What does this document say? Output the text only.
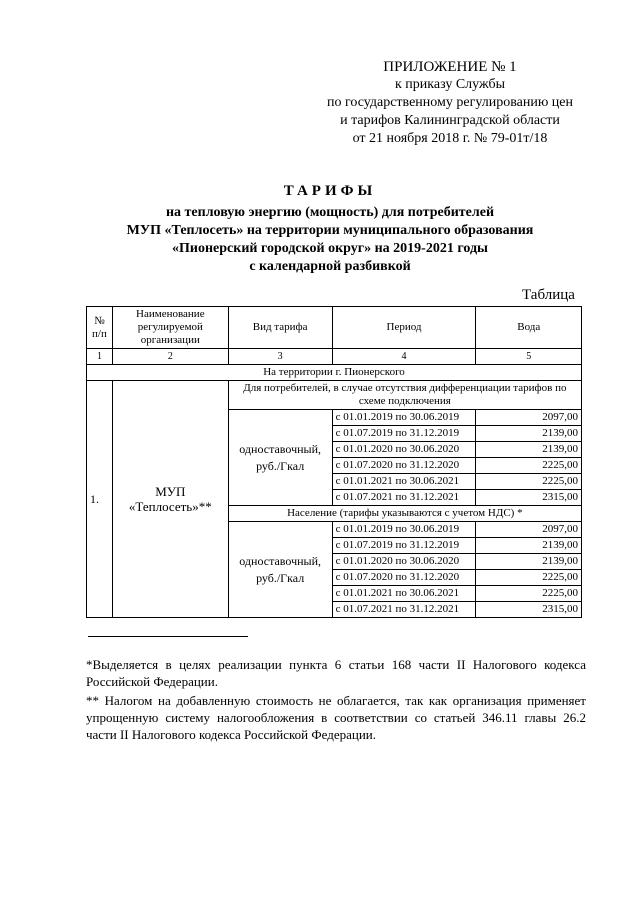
ПРИЛОЖЕНИЕ № 1
к приказу Службы
по государственному регулированию цен
и тарифов Калининградской области
от 21 ноября 2018 г. № 79-01т/18
ТАРИФЫ
на тепловую энергию (мощность) для потребителей
МУП «Теплосеть» на территории муниципального образования
«Пионерский городской округ» на 2019-2021 годы
с календарной разбивкой
Таблица
№ п/п	Наименование регулируемой организации	Вид тарифа	Период	Вода
1	2	3	4	5
На территории г. Пионерского				
1.	МУП «Теплосеть»**	Для потребителей, в случае отсутствия дифференциации тарифов по схеме подключения		
		одноставочный, руб./Гкал	с 01.01.2019 по 30.06.2019	2097,00
			с 01.07.2019 по 31.12.2019	2139,00
			с 01.01.2020 по 30.06.2020	2139,00
			с 01.07.2020 по 31.12.2020	2225,00
			с 01.01.2021 по 30.06.2021	2225,00
			с 01.07.2021 по 31.12.2021	2315,00
		Население (тарифы указываются с учетом НДС) *		
		одноставочный, руб./Гкал	с 01.01.2019 по 30.06.2019	2097,00
			с 01.07.2019 по 31.12.2019	2139,00
			с 01.01.2020 по 30.06.2020	2139,00
			с 01.07.2020 по 31.12.2020	2225,00
			с 01.01.2021 по 30.06.2021	2225,00
			с 01.07.2021 по 31.12.2021	2315,00

*Выделяется в целях реализации пункта 6 статьи 168 части II Налогового кодекса Российской Федерации.

** Налогом на добавленную стоимость не облагается, так как организация применяет упрощенную систему налогообложения в соответствии со статьей 346.11 главы 26.2 части II Налогового кодекса Российской Федерации.
